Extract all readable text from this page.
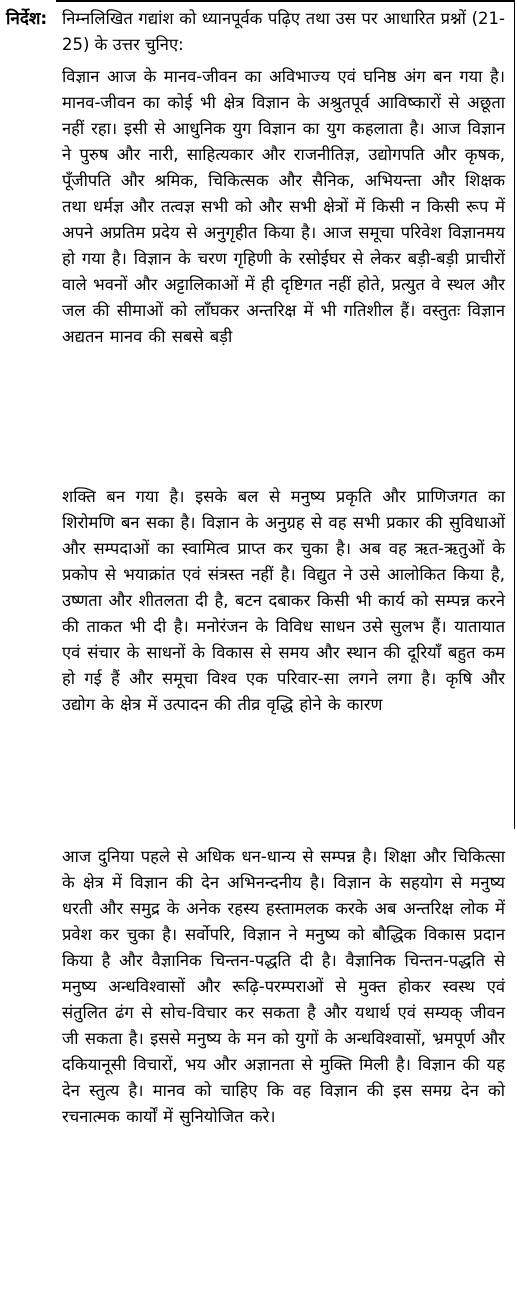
निर्देश: निम्नलिखित गद्यांश को ध्यानपूर्वक पढ़िए तथा उस पर आधारित प्रश्नों (21-25) के उत्तर चुनिए:

विज्ञान आज के मानव-जीवन का अविभाज्य एवं घनिष्ठ अंग बन गया है। मानव-जीवन का कोई भी क्षेत्र विज्ञान के अश्रुतपूर्व आविष्कारों से अछूता नहीं रहा। इसी से आधुनिक युग विज्ञान का युग कहलाता है। आज विज्ञान ने पुरुष और नारी, साहित्यकार और राजनीतिज्ञ, उद्योगपति और कृषक, पूँजीपति और श्रमिक, चिकित्सक और सैनिक, अभियन्ता और शिक्षक तथा धर्मज्ञ और तत्वज्ञ सभी को और सभी क्षेत्रों में किसी न किसी रूप में अपने अप्रतिम प्रदेय से अनुगृहीत किया है। आज समूचा परिवेश विज्ञानमय हो गया है। विज्ञान के चरण गृहिणी के रसोईघर से लेकर बड़ी-बड़ी प्राचीरों वाले भवनों और अट्टालिकाओं में ही दृष्टिगत नहीं होते, प्रत्युत वे स्थल और जल की सीमाओं को लाँघकर अन्तरिक्ष में भी गतिशील हैं। वस्तुतः विज्ञान अद्यतन मानव की सबसे बड़ी

शक्ति बन गया है। इसके बल से मनुष्य प्रकृति और प्राणिजगत का शिरोमणि बन सका है। विज्ञान के अनुग्रह से वह सभी प्रकार की सुविधाओं और सम्पदाओं का स्वामित्व प्राप्त कर चुका है। अब वह ऋत-ऋतुओं के प्रकोप से भयाक्रांत एवं संत्रस्त नहीं है। विद्युत ने उसे आलोकित किया है, उष्णता और शीतलता दी है, बटन दबाकर किसी भी कार्य को सम्पन्न करने की ताकत भी दी है। मनोरंजन के विविध साधन उसे सुलभ हैं। यातायात एवं संचार के साधनों के विकास से समय और स्थान की दूरियाँ बहुत कम हो गई हैं और समूचा विश्व एक परिवार-सा लगने लगा है। कृषि और उद्योग के क्षेत्र में उत्पादन की तीव्र वृद्धि होने के कारण

आज दुनिया पहले से अधिक धन-धान्य से सम्पन्न है। शिक्षा और चिकित्सा के क्षेत्र में विज्ञान की देन अभिनन्दनीय है। विज्ञान के सहयोग से मनुष्य धरती और समुद्र के अनेक रहस्य हस्तामलक करके अब अन्तरिक्ष लोक में प्रवेश कर चुका है। सर्वोपरि, विज्ञान ने मनुष्य को बौद्धिक विकास प्रदान किया है और वैज्ञानिक चिन्तन-पद्धति दी है। वैज्ञानिक चिन्तन-पद्धति से मनुष्य अन्धविश्वासों और रूढ़ि-परम्पराओं से मुक्त होकर स्वस्थ एवं संतुलित ढंग से सोच-विचार कर सकता है और यथार्थ एवं सम्यक् जीवन जी सकता है। इससे मनुष्य के मन को युगों के अन्धविश्वासों, भ्रमपूर्ण और दकियानूसी विचारों, भय और अज्ञानता से मुक्ति मिली है। विज्ञान की यह देन स्तुत्य है। मानव को चाहिए कि वह विज्ञान की इस समग्र देन को रचनात्मक कार्यों में सुनियोजित करे।
